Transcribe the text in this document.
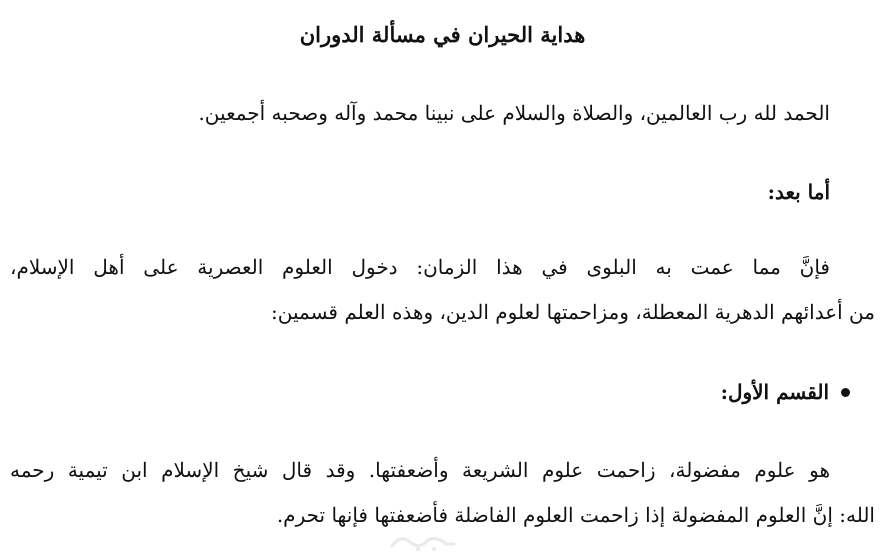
هداية الحيران في مسألة الدوران
الحمد لله رب العالمين، والصلاة والسلام على نبينا محمد وآله وصحبه أجمعين.
أما بعد:
فإنَّ مما عمت به البلوى في هذا الزمان: دخول العلوم العصرية على أهل الإسلام،
من أعدائهم الدهرية المعطلة، ومزاحمتها لعلوم الدين، وهذه العلم قسمين:
القسم الأول:
هو علوم مفضولة، زاحمت علوم الشريعة وأضعفتها. وقد قال شيخ الإسلام ابن تيمية رحمه
الله: إنَّ العلوم المفضولة إذا زاحمت العلوم الفاضلة فأضعفتها فإنها تحرم.
